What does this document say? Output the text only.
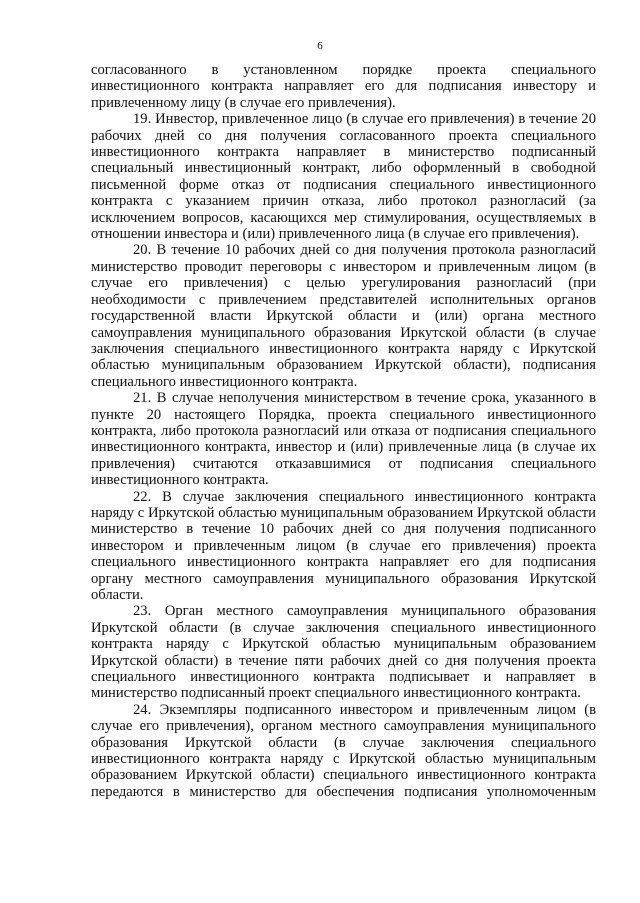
6

согласованного в установленном порядке проекта специального инвестиционного контракта направляет его для подписания инвестору и привлеченному лицу (в случае его привлечения).

19. Инвестор, привлеченное лицо (в случае его привлечения) в течение 20 рабочих дней со дня получения согласованного проекта специального инвестиционного контракта направляет в министерство подписанный специальный инвестиционный контракт, либо оформленный в свободной письменной форме отказ от подписания специального инвестиционного контракта с указанием причин отказа, либо протокол разногласий (за исключением вопросов, касающихся мер стимулирования, осуществляемых в отношении инвестора и (или) привлеченного лица (в случае его привлечения).

20. В течение 10 рабочих дней со дня получения протокола разногласий министерство проводит переговоры с инвестором и привлеченным лицом (в случае его привлечения) с целью урегулирования разногласий (при необходимости с привлечением представителей исполнительных органов государственной власти Иркутской области и (или) органа местного самоуправления муниципального образования Иркутской области (в случае заключения специального инвестиционного контракта наряду с Иркутской областью муниципальным образованием Иркутской области), подписания специального инвестиционного контракта.

21. В случае неполучения министерством в течение срока, указанного в пункте 20 настоящего Порядка, проекта специального инвестиционного контракта, либо протокола разногласий или отказа от подписания специального инвестиционного контракта, инвестор и (или) привлеченные лица (в случае их привлечения) считаются отказавшимися от подписания специального инвестиционного контракта.

22. В случае заключения специального инвестиционного контракта наряду с Иркутской областью муниципальным образованием Иркутской области министерство в течение 10 рабочих дней со дня получения подписанного инвестором и привлеченным лицом (в случае его привлечения) проекта специального инвестиционного контракта направляет его для подписания органу местного самоуправления муниципального образования Иркутской области.

23. Орган местного самоуправления муниципального образования Иркутской области (в случае заключения специального инвестиционного контракта наряду с Иркутской областью муниципальным образованием Иркутской области) в течение пяти рабочих дней со дня получения проекта специального инвестиционного контракта подписывает и направляет в министерство подписанный проект специального инвестиционного контракта.

24. Экземпляры подписанного инвестором и привлеченным лицом (в случае его привлечения), органом местного самоуправления муниципального образования Иркутской области (в случае заключения специального инвестиционного контракта наряду с Иркутской областью муниципальным образованием Иркутской области) специального инвестиционного контракта передаются в министерство для обеспечения подписания уполномоченным
